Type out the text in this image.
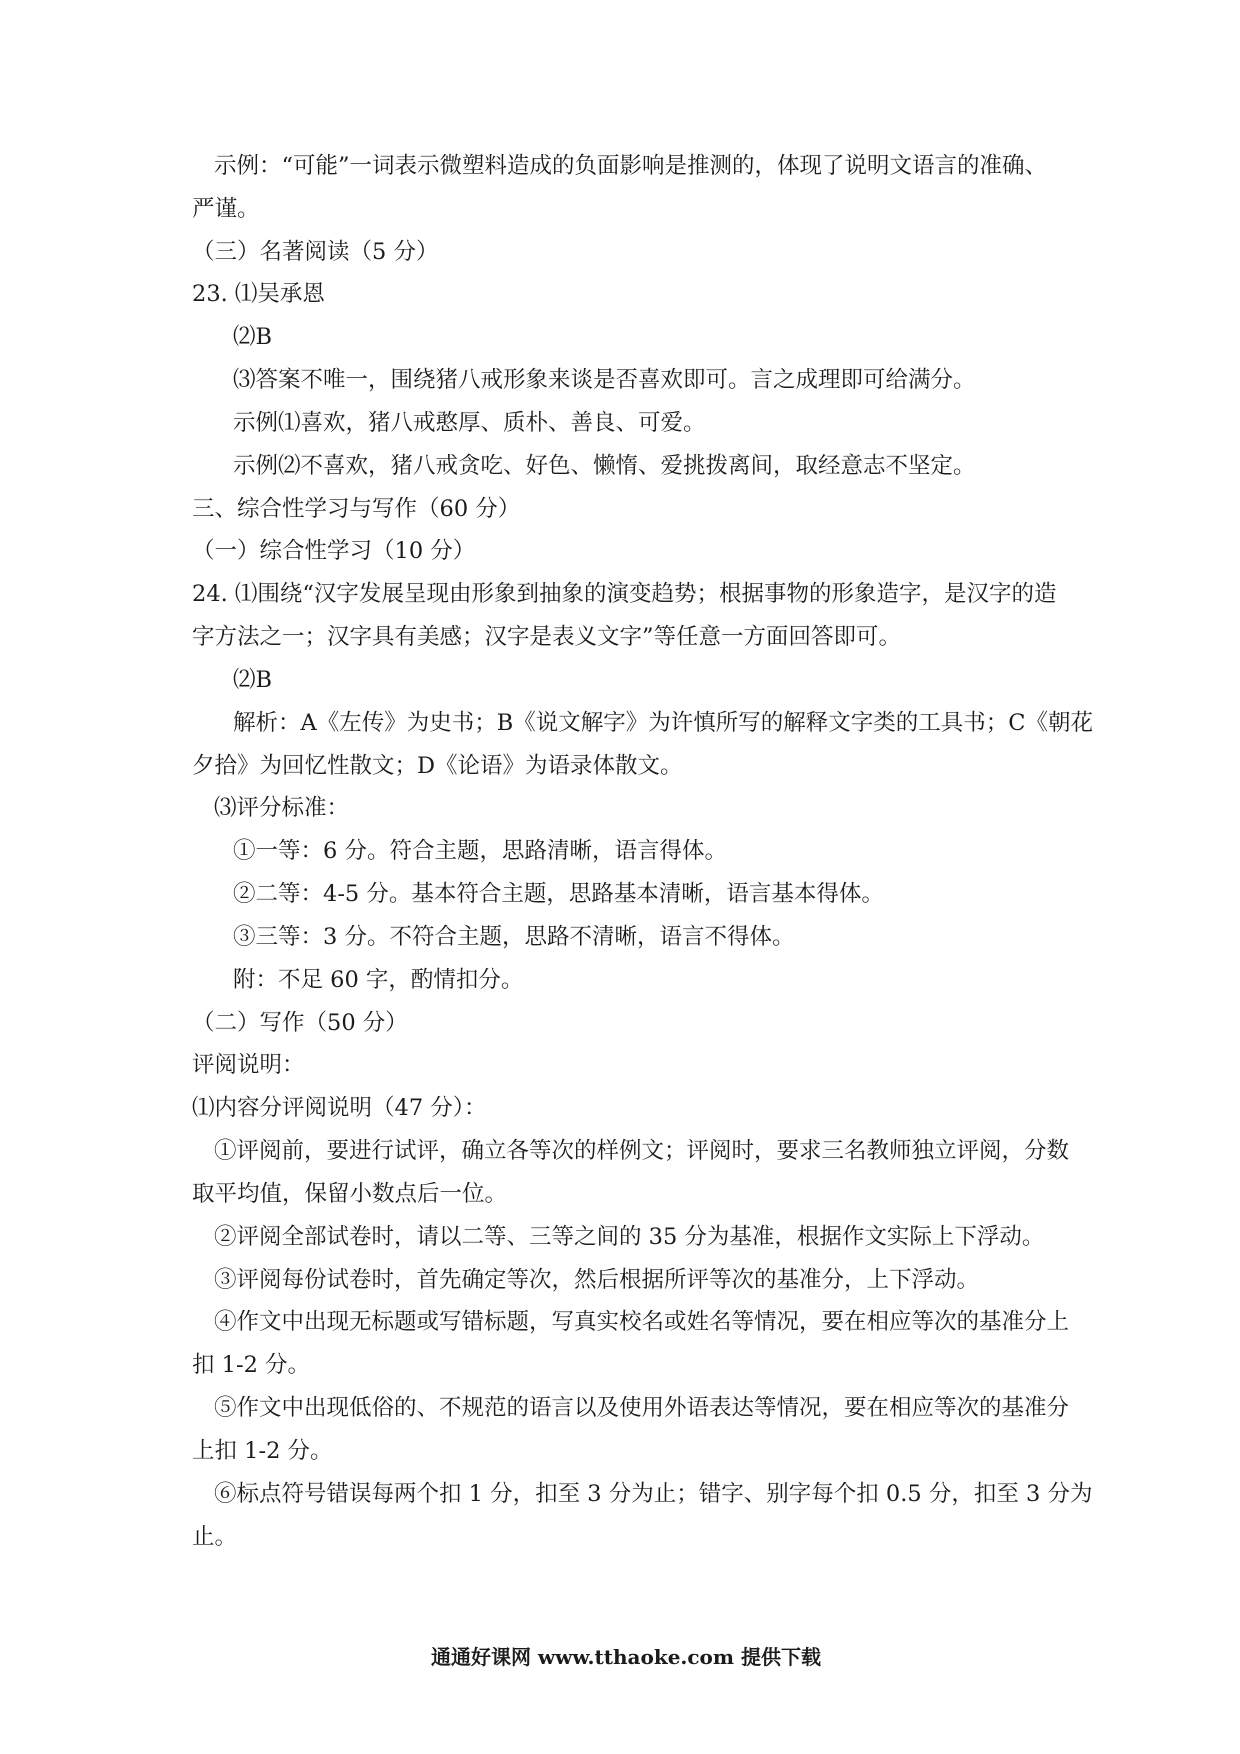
示例：“可能”一词表示微塑料造成的负面影响是推测的，体现了说明文语言的准确、
严谨。
（三）名著阅读（5 分）
23. ⑴吴承恩
⑵B
⑶答案不唯一，围绕猪八戒形象来谈是否喜欢即可。言之成理即可给满分。
示例⑴喜欢，猪八戒憨厚、质朴、善良、可爱。
示例⑵不喜欢，猪八戒贪吃、好色、懒惰、爱挑拨离间，取经意志不坚定。
三、综合性学习与写作（60 分）
（一）综合性学习（10 分）
24. ⑴围绕“汉字发展呈现由形象到抽象的演变趋势；根据事物的形象造字，是汉字的造
字方法之一；汉字具有美感；汉字是表义文字”等任意一方面回答即可。
⑵B
解析：A《左传》为史书；B《说文解字》为许慎所写的解释文字类的工具书；C《朝花
夕拾》为回忆性散文；D《论语》为语录体散文。
⑶评分标准：
①一等：6 分。符合主题，思路清晰，语言得体。
②二等：4-5 分。基本符合主题，思路基本清晰，语言基本得体。
③三等：3 分。不符合主题，思路不清晰，语言不得体。
附：不足 60 字，酌情扣分。
（二）写作（50 分）
评阅说明：
⑴内容分评阅说明（47 分）：
①评阅前，要进行试评，确立各等次的样例文；评阅时，要求三名教师独立评阅，分数
取平均值，保留小数点后一位。
②评阅全部试卷时，请以二等、三等之间的 35 分为基准，根据作文实际上下浮动。
③评阅每份试卷时，首先确定等次，然后根据所评等次的基准分，上下浮动。
④作文中出现无标题或写错标题，写真实校名或姓名等情况，要在相应等次的基准分上
扣 1-2 分。
⑤作文中出现低俗的、不规范的语言以及使用外语表达等情况，要在相应等次的基准分
上扣 1-2 分。
⑥标点符号错误每两个扣 1 分，扣至 3 分为止；错字、别字每个扣 0.5 分，扣至 3 分为
止。
通通好课网 www.tthaoke.com 提供下载
